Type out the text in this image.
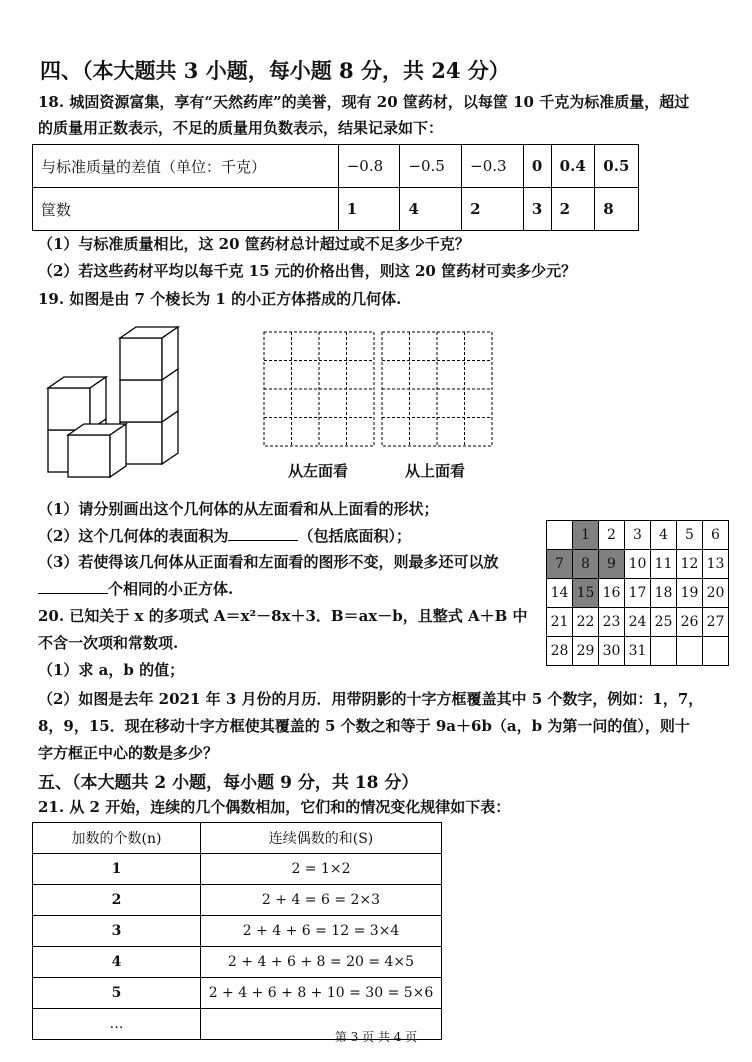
四、（本大题共 3 小题，每小题 8 分，共 24 分）
18. 城固资源富集，享有“天然药库”的美誉，现有 20 筐药材，以每筐 10 千克为标准质量，超过
的质量用正数表示，不足的质量用负数表示，结果记录如下：
与标准质量的差值（单位：千克）	−0.8	−0.5	−0.3	0	0.4	0.5
筐数	1	4	2	3	2	8
（1）与标准质量相比，这 20 筐药材总计超过或不足多少千克？
（2）若这些药材平均以每千克 15 元的价格出售，则这 20 筐药材可卖多少元？
19. 如图是由 7 个棱长为 1 的小正方体搭成的几何体.
从左面看	从上面看
（1）请分别画出这个几何体的从左面看和从上面看的形状；
（2）这个几何体的表面积为	（包括底面积）；
（3）若使得该几何体从正面看和左面看的图形不变，则最多还可以放
个相同的小正方体.
	1	2	3	4	5	6
7	8	9	10	11	12	13
14	15	16	17	18	19	20
21	22	23	24	25	26	27
28	29	30	31			
20. 已知关于 x 的多项式 A＝x²－8x＋3．B＝ax－b，且整式 A＋B 中
不含一次项和常数项.
（1）求 a，b 的值；
（2）如图是去年 2021 年 3 月份的月历．用带阴影的十字方框覆盖其中 5 个数字，例如：1，7，
8，9，15．现在移动十字方框使其覆盖的 5 个数之和等于 9a＋6b（a，b 为第一问的值），则十
字方框正中心的数是多少？
五、（本大题共 2 小题，每小题 9 分，共 18 分）
21. 从 2 开始，连续的几个偶数相加，它们和的情况变化规律如下表：
加数的个数(n)	连续偶数的和(S)
1	2 = 1×2
2	2 + 4 = 6 = 2×3
3	2 + 4 + 6 = 12 = 3×4
4	2 + 4 + 6 + 8 = 20 = 4×5
5	2 + 4 + 6 + 8 + 10 = 30 = 5×6
…	
第 3 页 共 4 页
